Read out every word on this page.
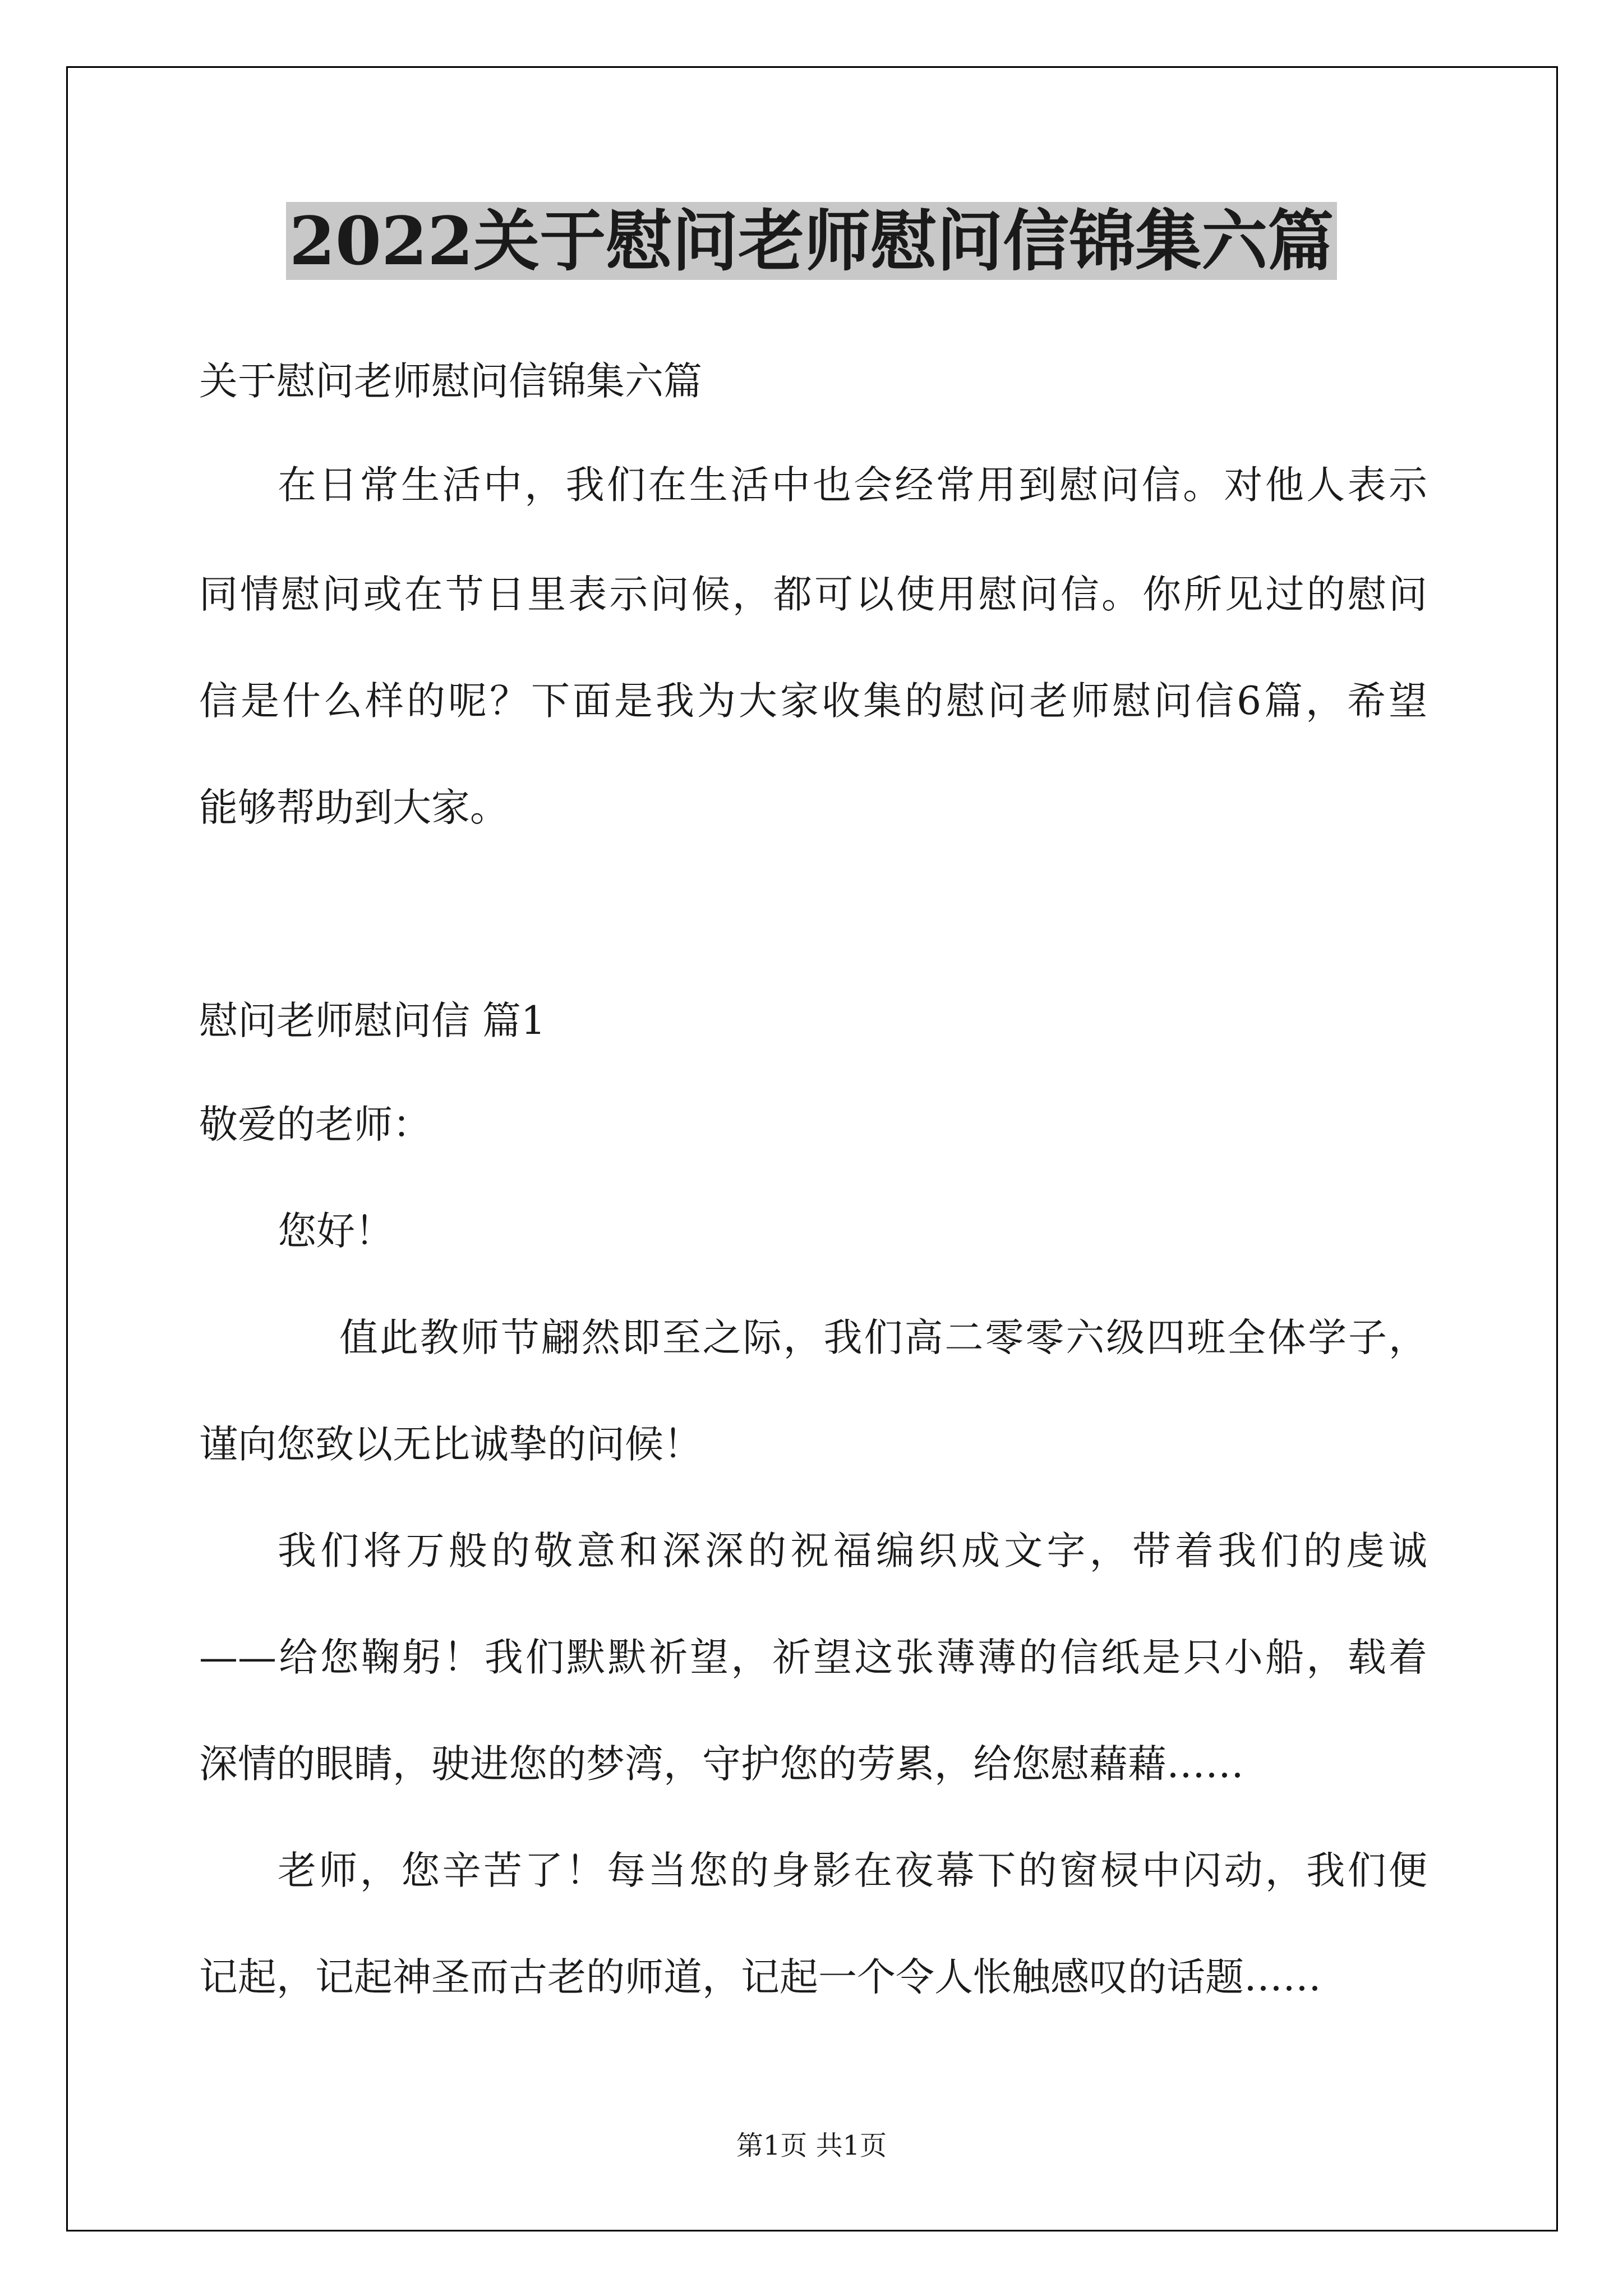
2022关于慰问老师慰问信锦集六篇

关于慰问老师慰问信锦集六篇

在日常生活中，我们在生活中也会经常用到慰问信。对他人表示

同情慰问或在节日里表示问候，都可以使用慰问信。你所见过的慰问

信是什么样的呢？下面是我为大家收集的慰问老师慰问信6篇，希望

能够帮助到大家。

慰问老师慰问信 篇1

敬爱的老师：

您好！

值此教师节翩然即至之际，我们高二零零六级四班全体学子，

谨向您致以无比诚挚的问候！

我们将万般的敬意和深深的祝福编织成文字，带着我们的虔诚

——给您鞠躬！我们默默祈望，祈望这张薄薄的信纸是只小船，载着

深情的眼睛，驶进您的梦湾，守护您的劳累，给您慰藉藉……

老师，您辛苦了！每当您的身影在夜幕下的窗棂中闪动，我们便

记起，记起神圣而古老的师道，记起一个令人怅触感叹的话题……

第1页 共1页
